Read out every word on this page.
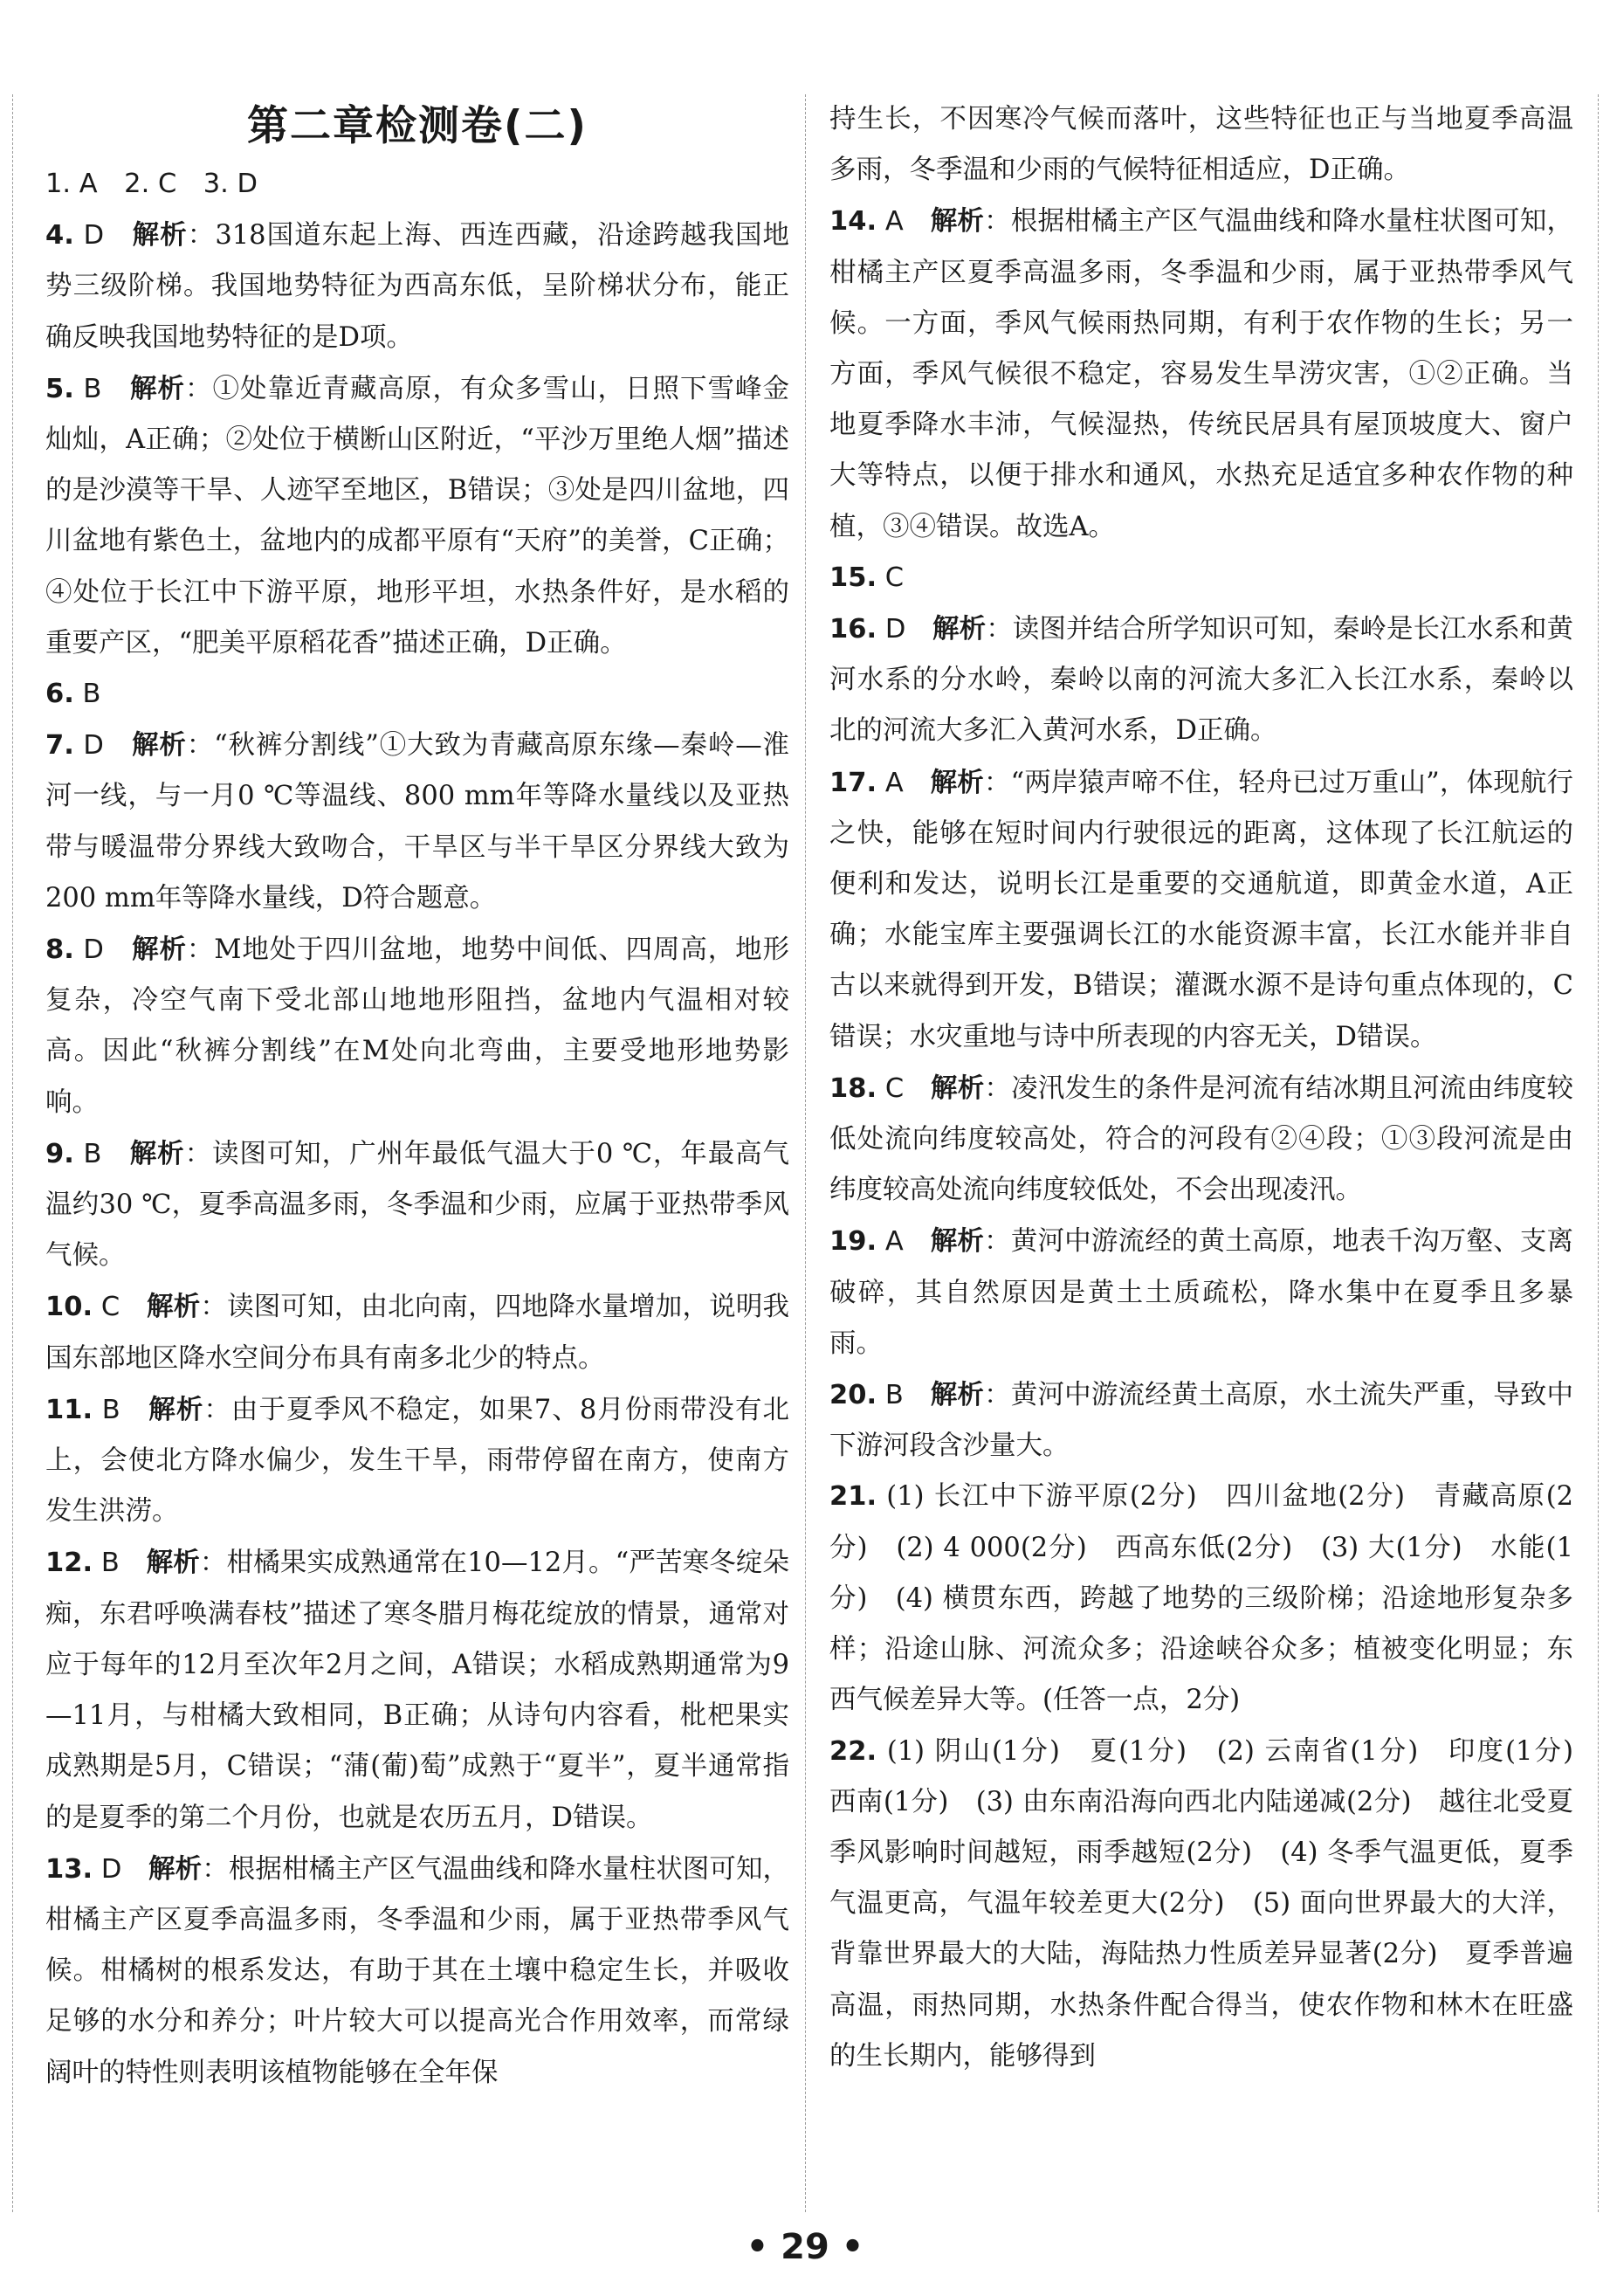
第二章检测卷(二)

1. A　2. C　3. D

4. D　 解析：318国道东起上海、西连西藏，沿途跨越我国地势三级阶梯。我国地势特征为西高东低，呈阶梯状分布，能正确反映我国地势特征的是D项。

5. B　 解析：①处靠近青藏高原，有众多雪山，日照下雪峰金灿灿，A正确；②处位于横断山区附近，“平沙万里绝人烟”描述的是沙漠等干旱、人迹罕至地区，B错误；③处是四川盆地，四川盆地有紫色土，盆地内的成都平原有“天府”的美誉，C正确；④处位于长江中下游平原，地形平坦，水热条件好，是水稻的重要产区，“肥美平原稻花香”描述正确，D正确。

6. B

7. D　 解析：“秋裤分割线”①大致为青藏高原东缘—秦岭—淮河一线，与一月0 ℃等温线、800 mm年等降水量线以及亚热带与暖温带分界线大致吻合，干旱区与半干旱区分界线大致为200 mm年等降水量线，D符合题意。

8. D　 解析：M地处于四川盆地，地势中间低、四周高，地形复杂，冷空气南下受北部山地地形阻挡，盆地内气温相对较高。因此“秋裤分割线”在M处向北弯曲，主要受地形地势影响。

9. B　 解析：读图可知，广州年最低气温大于0 ℃，年最高气温约30 ℃，夏季高温多雨，冬季温和少雨，应属于亚热带季风气候。

10. C　 解析：读图可知，由北向南，四地降水量增加，说明我国东部地区降水空间分布具有南多北少的特点。

11. B　 解析：由于夏季风不稳定，如果7、8月份雨带没有北上，会使北方降水偏少，发生干旱，雨带停留在南方，使南方发生洪涝。

12. B　 解析：柑橘果实成熟通常在10—12月。“严苦寒冬绽朵痴，东君呼唤满春枝”描述了寒冬腊月梅花绽放的情景，通常对应于每年的12月至次年2月之间，A错误；水稻成熟期通常为9—11月，与柑橘大致相同，B正确；从诗句内容看，枇杷果实成熟期是5月，C错误；“蒲(葡)萄”成熟于“夏半”，夏半通常指的是夏季的第二个月份，也就是农历五月，D错误。

13. D　 解析：根据柑橘主产区气温曲线和降水量柱状图可知，柑橘主产区夏季高温多雨，冬季温和少雨，属于亚热带季风气候。柑橘树的根系发达，有助于其在土壤中稳定生长，并吸收足够的水分和养分；叶片较大可以提高光合作用效率，而常绿阔叶的特性则表明该植物能够在全年保

持生长，不因寒冷气候而落叶，这些特征也正与当地夏季高温多雨，冬季温和少雨的气候特征相适应，D正确。

14. A　 解析：根据柑橘主产区气温曲线和降水量柱状图可知，柑橘主产区夏季高温多雨，冬季温和少雨，属于亚热带季风气候。一方面，季风气候雨热同期，有利于农作物的生长；另一方面，季风气候很不稳定，容易发生旱涝灾害，①②正确。当地夏季降水丰沛，气候湿热，传统民居具有屋顶坡度大、窗户大等特点，以便于排水和通风，水热充足适宜多种农作物的种植，③④错误。故选A。

15. C

16. D　 解析：读图并结合所学知识可知，秦岭是长江水系和黄河水系的分水岭，秦岭以南的河流大多汇入长江水系，秦岭以北的河流大多汇入黄河水系，D正确。

17. A　 解析：“两岸猿声啼不住，轻舟已过万重山”，体现航行之快，能够在短时间内行驶很远的距离，这体现了长江航运的便利和发达，说明长江是重要的交通航道，即黄金水道，A正确；水能宝库主要强调长江的水能资源丰富，长江水能并非自古以来就得到开发，B错误；灌溉水源不是诗句重点体现的，C错误；水灾重地与诗中所表现的内容无关，D错误。

18. C　 解析：凌汛发生的条件是河流有结冰期且河流由纬度较低处流向纬度较高处，符合的河段有②④段；①③段河流是由纬度较高处流向纬度较低处，不会出现凌汛。

19. A　 解析：黄河中游流经的黄土高原，地表千沟万壑、支离破碎，其自然原因是黄土土质疏松，降水集中在夏季且多暴雨。

20. B　 解析：黄河中游流经黄土高原，水土流失严重，导致中下游河段含沙量大。

21. (1) 长江中下游平原(2分)　四川盆地(2分)　青藏高原(2分)　(2) 4 000(2分)　西高东低(2分)　(3) 大(1分)　水能(1分)　(4) 横贯东西，跨越了地势的三级阶梯；沿途地形复杂多样；沿途山脉、河流众多；沿途峡谷众多；植被变化明显；东西气候差异大等。(任答一点，2分)

22. (1) 阴山(1分)　夏(1分)　(2) 云南省(1分)　印度(1分)　西南(1分)　(3) 由东南沿海向西北内陆递减(2分)　越往北受夏季风影响时间越短，雨季越短(2分)　(4) 冬季气温更低，夏季气温更高，气温年较差更大(2分)　(5) 面向世界最大的大洋，背靠世界最大的大陆，海陆热力性质差异显著(2分)　夏季普遍高温，雨热同期，水热条件配合得当，使农作物和林木在旺盛的生长期内，能够得到

• 29 •
